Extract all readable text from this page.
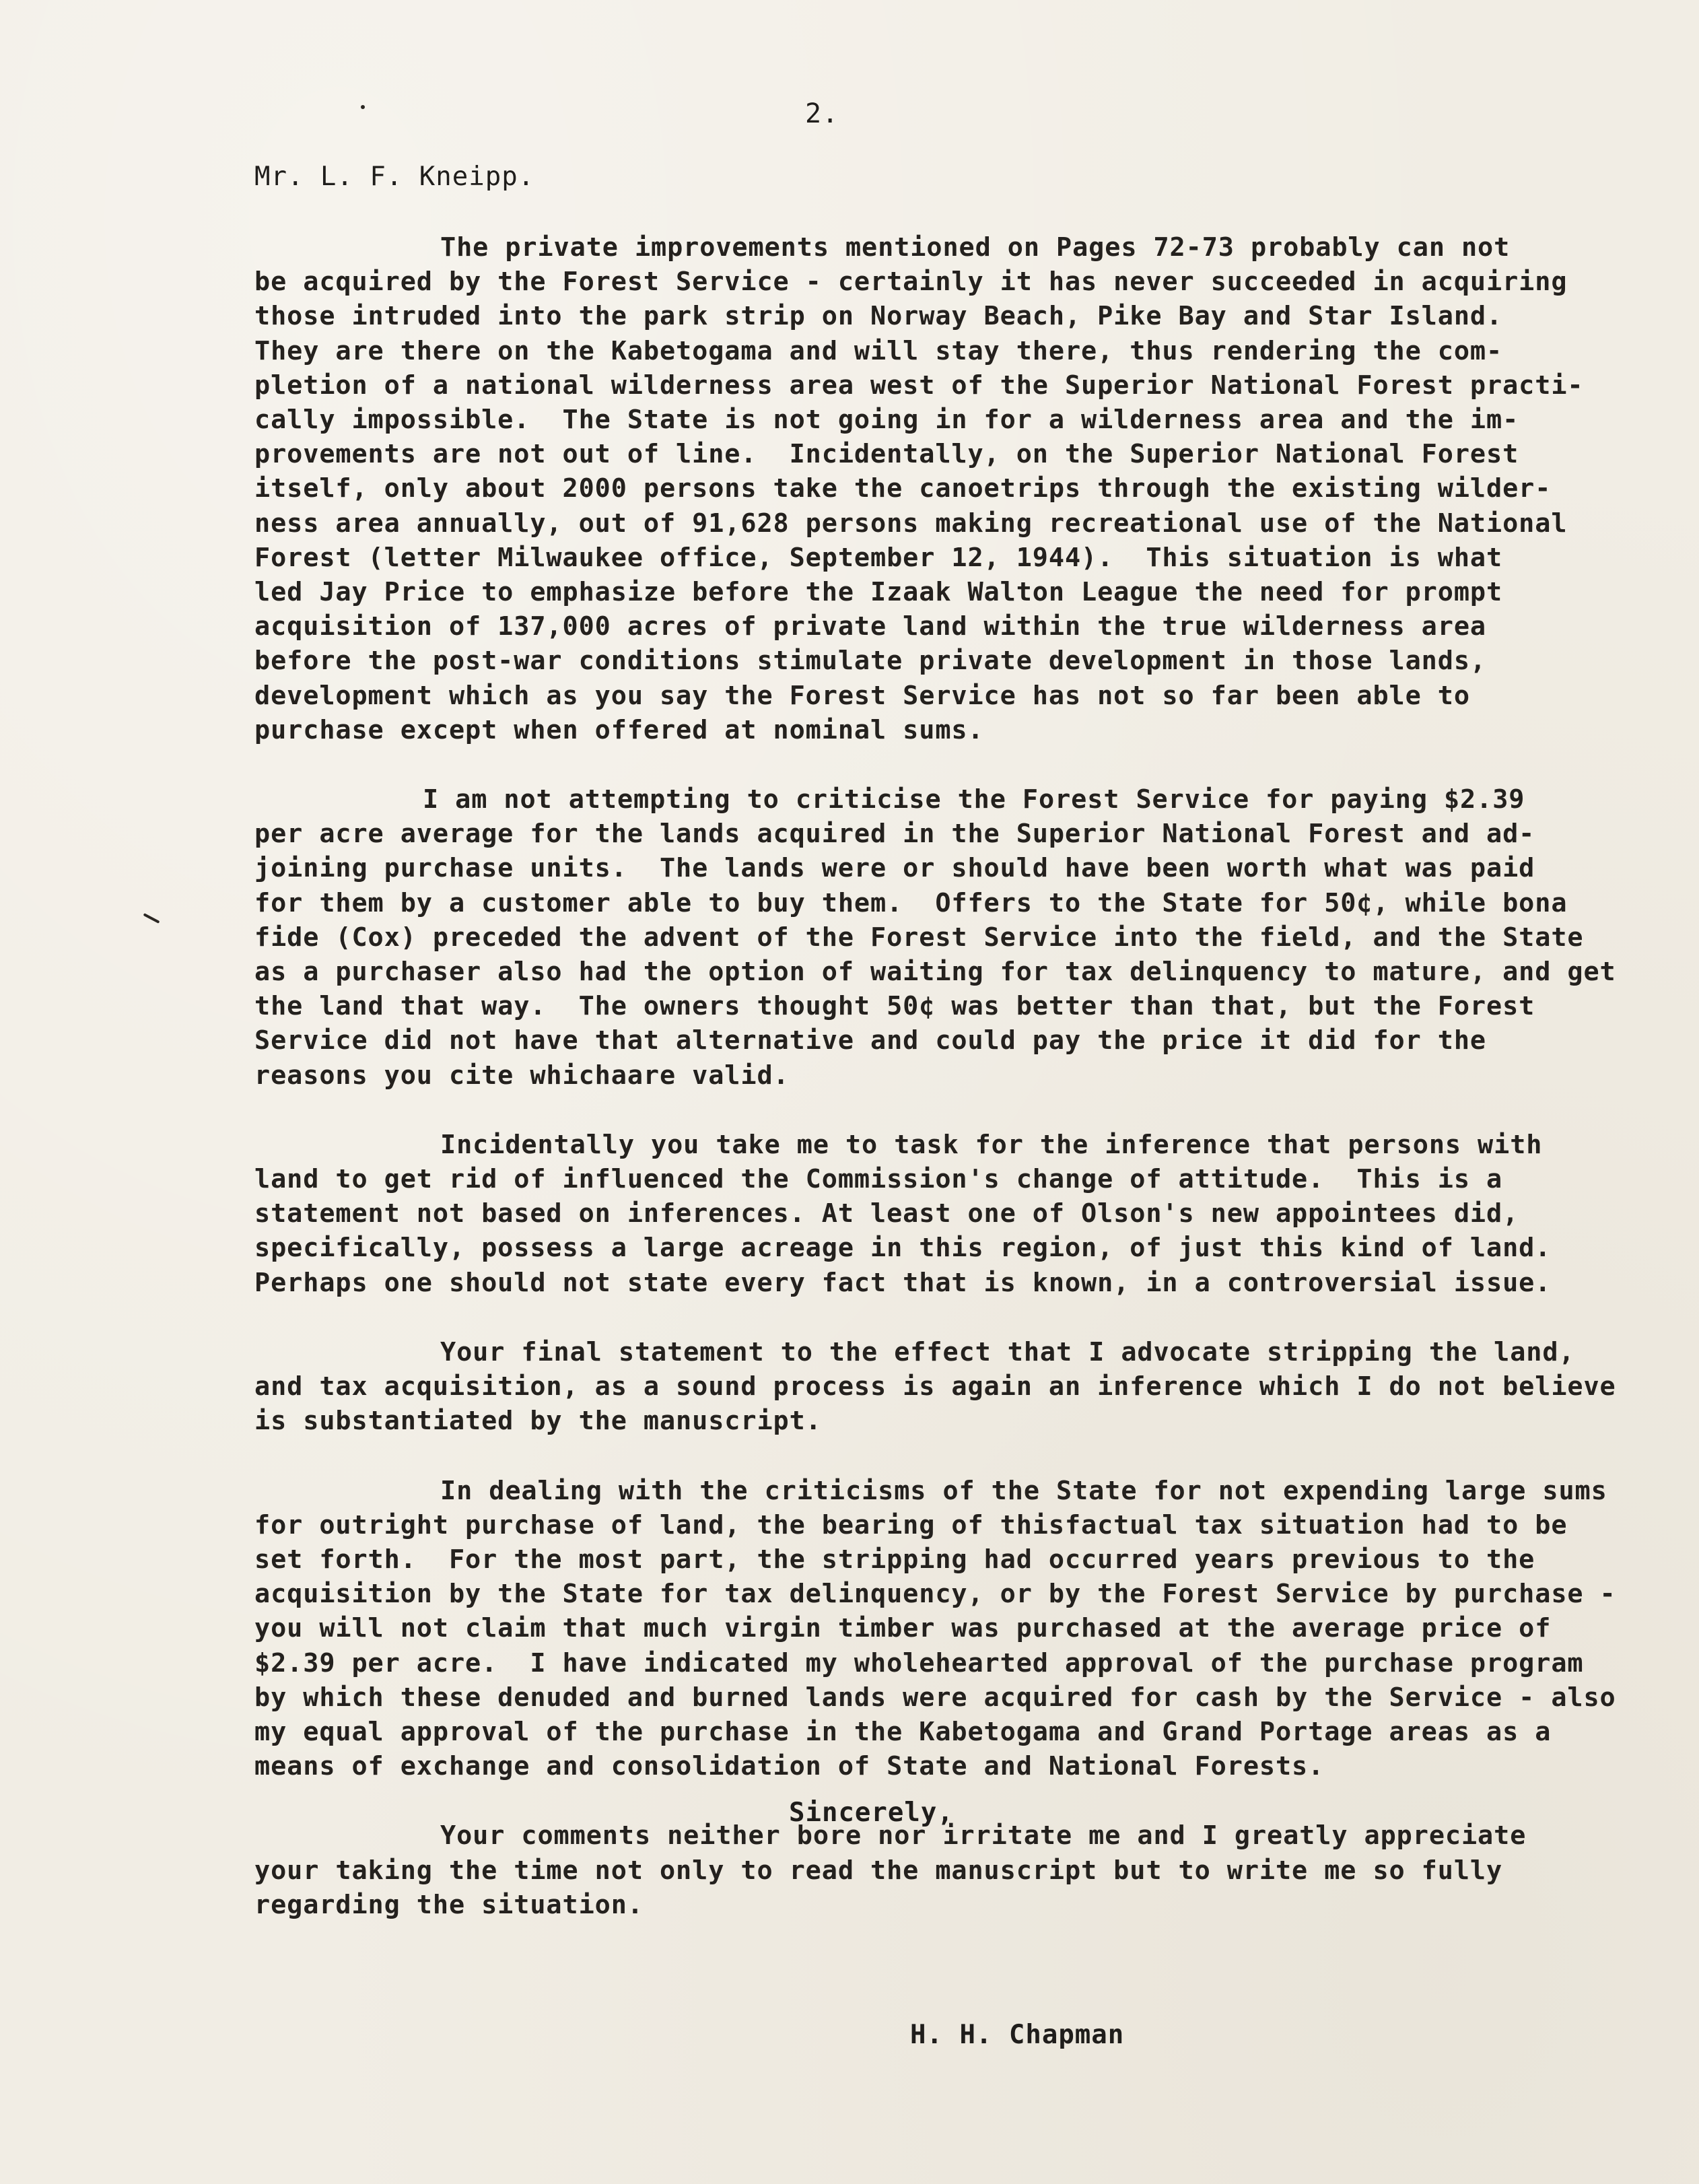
2.
Mr. L. F. Kneipp.
The private improvements mentioned on Pages 72-73 probably can not
be acquired by the Forest Service - certainly it has never succeeded in acquiring
those intruded into the park strip on Norway Beach, Pike Bay and Star Island.
They are there on the Kabetogama and will stay there, thus rendering the com-
pletion of a national wilderness area west of the Superior National Forest practi-
cally impossible.  The State is not going in for a wilderness area and the im-
provements are not out of line.  Incidentally, on the Superior National Forest
itself, only about 2000 persons take the canoetrips through the existing wilder-
ness area annually, out of 91,628 persons making recreational use of the National
Forest (letter Milwaukee office, September 12, 1944).  This situation is what
led Jay Price to emphasize before the Izaak Walton League the need for prompt
acquisition of 137,000 acres of private land within the true wilderness area
before the post-war conditions stimulate private development in those lands,
development which as you say the Forest Service has not so far been able to
purchase except when offered at nominal sums.
I am not attempting to criticise the Forest Service for paying $2.39
per acre average for the lands acquired in the Superior National Forest and ad-
joining purchase units.  The lands were or should have been worth what was paid
for them by a customer able to buy them.  Offers to the State for 50¢, while bona
fide (Cox) preceded the advent of the Forest Service into the field, and the State
as a purchaser also had the option of waiting for tax delinquency to mature, and get
the land that way.  The owners thought 50¢ was better than that, but the Forest
Service did not have that alternative and could pay the price it did for the
reasons you cite whichaare valid.
Incidentally you take me to task for the inference that persons with
land to get rid of influenced the Commission's change of attitude.  This is a
statement not based on inferences. At least one of Olson's new appointees did,
specifically, possess a large acreage in this region, of just this kind of land.
Perhaps one should not state every fact that is known, in a controversial issue.
Your final statement to the effect that I advocate stripping the land,
and tax acquisition, as a sound process is again an inference which I do not believe
is substantiated by the manuscript.
In dealing with the criticisms of the State for not expending large sums
for outright purchase of land, the bearing of thisfactual tax situation had to be
set forth.  For the most part, the stripping had occurred years previous to the
acquisition by the State for tax delinquency, or by the Forest Service by purchase -
you will not claim that much virgin timber was purchased at the average price of
$2.39 per acre.  I have indicated my wholehearted approval of the purchase program
by which these denuded and burned lands were acquired for cash by the Service - also
my equal approval of the purchase in the Kabetogama and Grand Portage areas as a
means of exchange and consolidation of State and National Forests.
Your comments neither bore nor irritate me and I greatly appreciate
your taking the time not only to read the manuscript but to write me so fully
regarding the situation.
Sincerely,
H. H. Chapman
